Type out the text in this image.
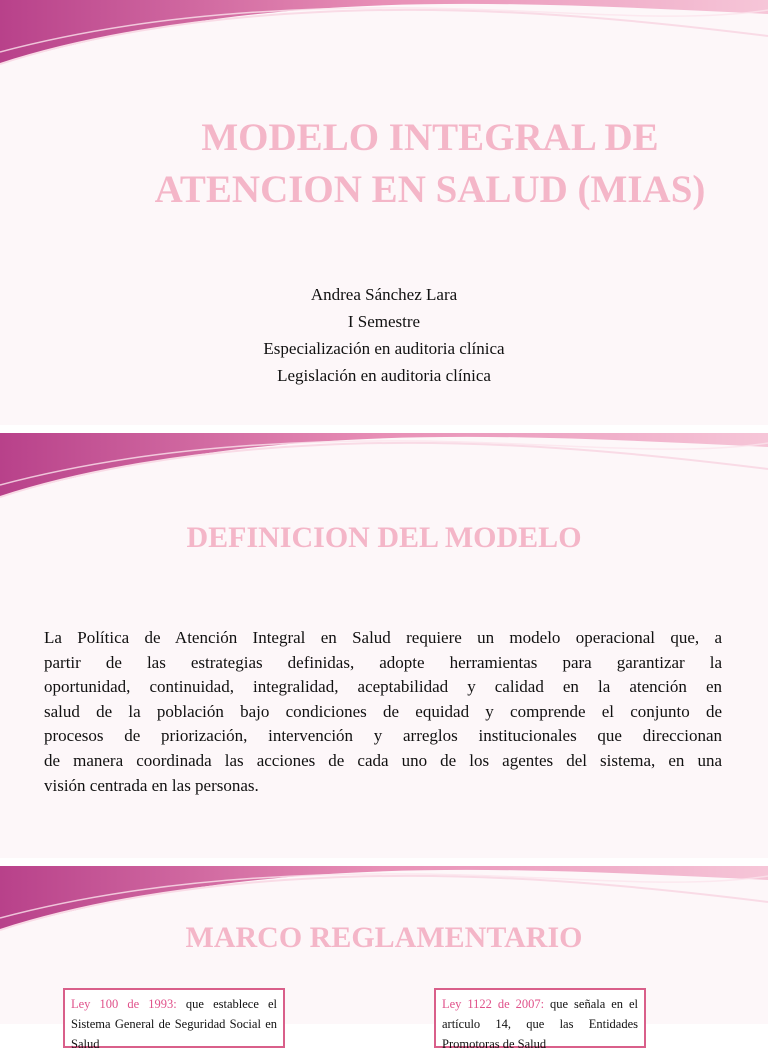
MODELO INTEGRAL DE
ATENCION EN SALUD (MIAS)
Andrea Sánchez Lara
I Semestre
Especialización en auditoria clínica
Legislación en auditoria clínica
DEFINICION DEL MODELO
La Política de Atención Integral en Salud requiere un modelo operacional que, a
partir de las estrategias definidas, adopte herramientas para garantizar la
oportunidad, continuidad, integralidad, aceptabilidad y calidad en la atención en
salud de la población bajo condiciones de equidad y comprende el conjunto de
procesos de priorización, intervención y arreglos institucionales que direccionan
de manera coordinada las acciones de cada uno de los agentes del sistema, en una
visión centrada en las personas.
MARCO REGLAMENTARIO
Ley 100 de 1993: que establece el Sistema General de Seguridad Social en Salud
Ley 1122 de 2007: que señala en el artículo 14, que las Entidades Promotoras de Salud
